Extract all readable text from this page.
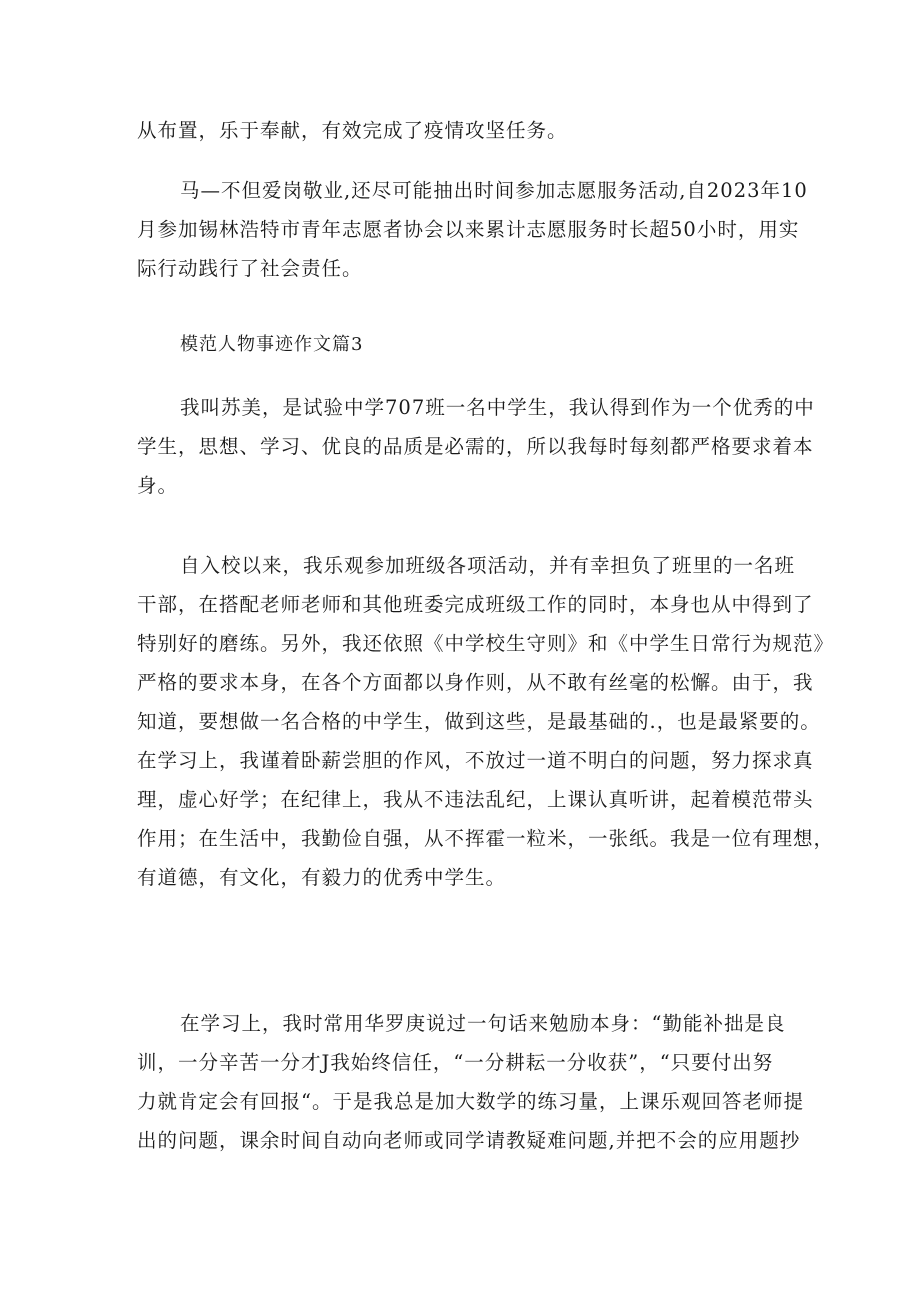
从布置，乐于奉献，有效完成了疫情攻坚任务。
马—不但爱岗敬业,还尽可能抽出时间参加志愿服务活动,自2023年10
月参加锡林浩特市青年志愿者协会以来累计志愿服务时长超50小时，用实
际行动践行了社会责任。
模范人物事迹作文篇3
我叫苏美，是试验中学707班一名中学生，我认得到作为一个优秀的中
学生，思想、学习、优良的品质是必需的，所以我每时每刻都严格要求着本
身。
自入校以来，我乐观参加班级各项活动，并有幸担负了班里的一名班
干部，在搭配老师老师和其他班委完成班级工作的同时，本身也从中得到了
特别好的磨练。另外，我还依照《中学校生守则》和《中学生日常行为规范》
严格的要求本身，在各个方面都以身作则，从不敢有丝毫的松懈。由于，我
知道，要想做一名合格的中学生，做到这些，是最基础的.，也是最紧要的。
在学习上，我谨着卧薪尝胆的作风，不放过一道不明白的问题，努力探求真
理，虚心好学；在纪律上，我从不违法乱纪，上课认真听讲，起着模范带头
作用；在生活中，我勤俭自强，从不挥霍一粒米，一张纸。我是一位有理想，
有道德，有文化，有毅力的优秀中学生。
在学习上，我时常用华罗庚说过一句话来勉励本身：“勤能补拙是良
训，一分辛苦一分才J我始终信任，“一分耕耘一分收获”，“只要付出努
力就肯定会有回报“。于是我总是加大数学的练习量，上课乐观回答老师提
出的问题，课余时间自动向老师或同学请教疑难问题,并把不会的应用题抄
